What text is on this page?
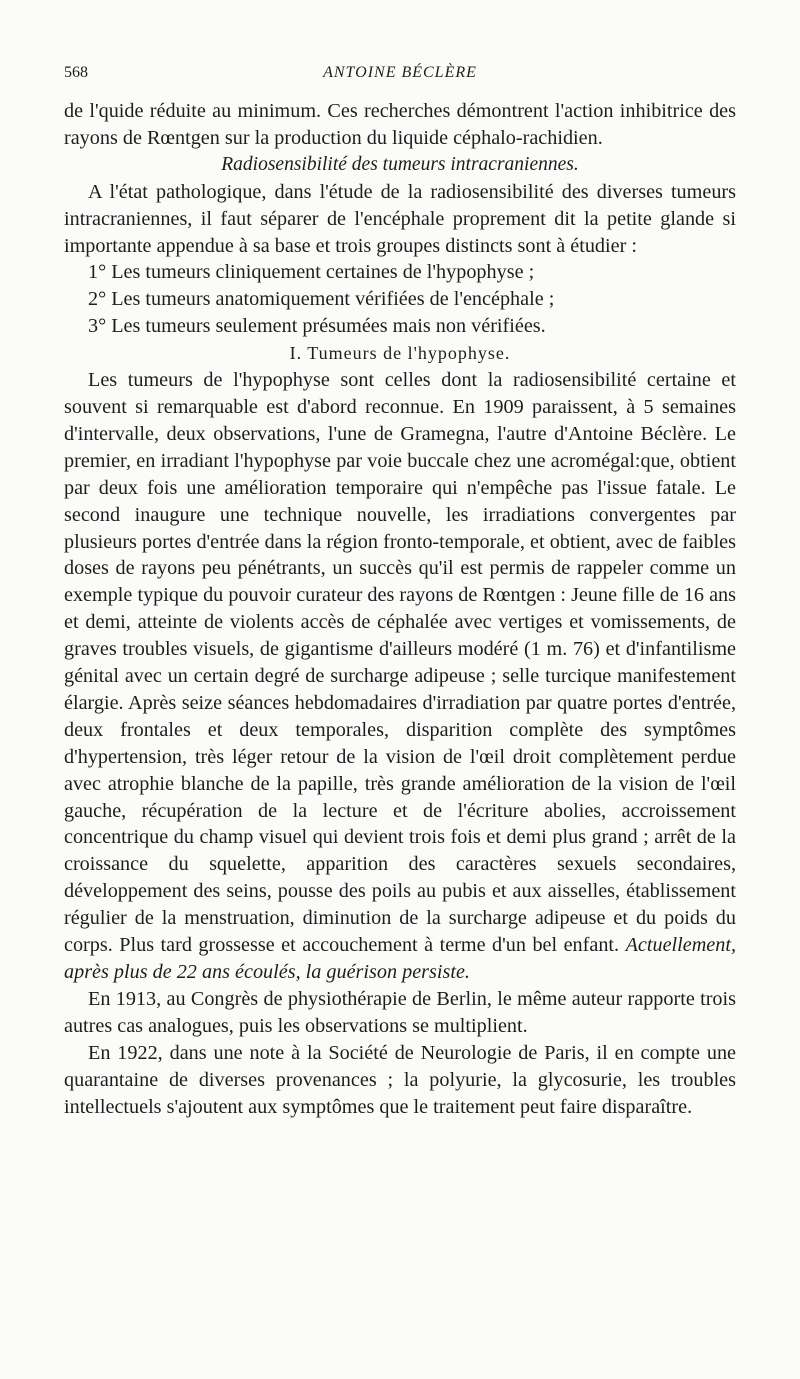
568	ANTOINE BÉCLÈRE

de l'quide réduite au minimum. Ces recherches démontrent l'action inhibitrice des rayons de Rœntgen sur la production du liquide céphalo-rachidien.

Radiosensibilité des tumeurs intracraniennes.

A l'état pathologique, dans l'étude de la radiosensibilité des diverses tumeurs intracraniennes, il faut séparer de l'encéphale proprement dit la petite glande si importante appendue à sa base et trois groupes distincts sont à étudier :

1° Les tumeurs cliniquement certaines de l'hypophyse ;

2° Les tumeurs anatomiquement vérifiées de l'encéphale ;

3° Les tumeurs seulement présumées mais non vérifiées.

I. Tumeurs de l'hypophyse.

Les tumeurs de l'hypophyse sont celles dont la radiosensibilité certaine et souvent si remarquable est d'abord reconnue. En 1909 paraissent, à 5 semaines d'intervalle, deux observations, l'une de Gramegna, l'autre d'Antoine Béclère. Le premier, en irradiant l'hypophyse par voie buccale chez une acromégal:que, obtient par deux fois une amélioration temporaire qui n'empêche pas l'issue fatale. Le second inaugure une technique nouvelle, les irradiations convergentes par plusieurs portes d'entrée dans la région fronto-temporale, et obtient, avec de faibles doses de rayons peu pénétrants, un succès qu'il est permis de rappeler comme un exemple typique du pouvoir curateur des rayons de Rœntgen : Jeune fille de 16 ans et demi, atteinte de violents accès de céphalée avec vertiges et vomissements, de graves troubles visuels, de gigantisme d'ailleurs modéré (1 m. 76) et d'infantilisme génital avec un certain degré de surcharge adipeuse ; selle turcique manifestement élargie. Après seize séances hebdomadaires d'irradiation par quatre portes d'entrée, deux frontales et deux temporales, disparition complète des symptômes d'hypertension, très léger retour de la vision de l'œil droit complètement perdue avec atrophie blanche de la papille, très grande amélioration de la vision de l'œil gauche, récupération de la lecture et de l'écriture abolies, accroissement concentrique du champ visuel qui devient trois fois et demi plus grand ; arrêt de la croissance du squelette, apparition des caractères sexuels secondaires, développement des seins, pousse des poils au pubis et aux aisselles, établissement régulier de la menstruation, diminution de la surcharge adipeuse et du poids du corps. Plus tard grossesse et accouchement à terme d'un bel enfant. Actuellement, après plus de 22 ans écoulés, la guérison persiste.

En 1913, au Congrès de physiothérapie de Berlin, le même auteur rapporte trois autres cas analogues, puis les observations se multiplient.

En 1922, dans une note à la Société de Neurologie de Paris, il en compte une quarantaine de diverses provenances ; la polyurie, la glycosurie, les troubles intellectuels s'ajoutent aux symptômes que le traitement peut faire disparaître.
